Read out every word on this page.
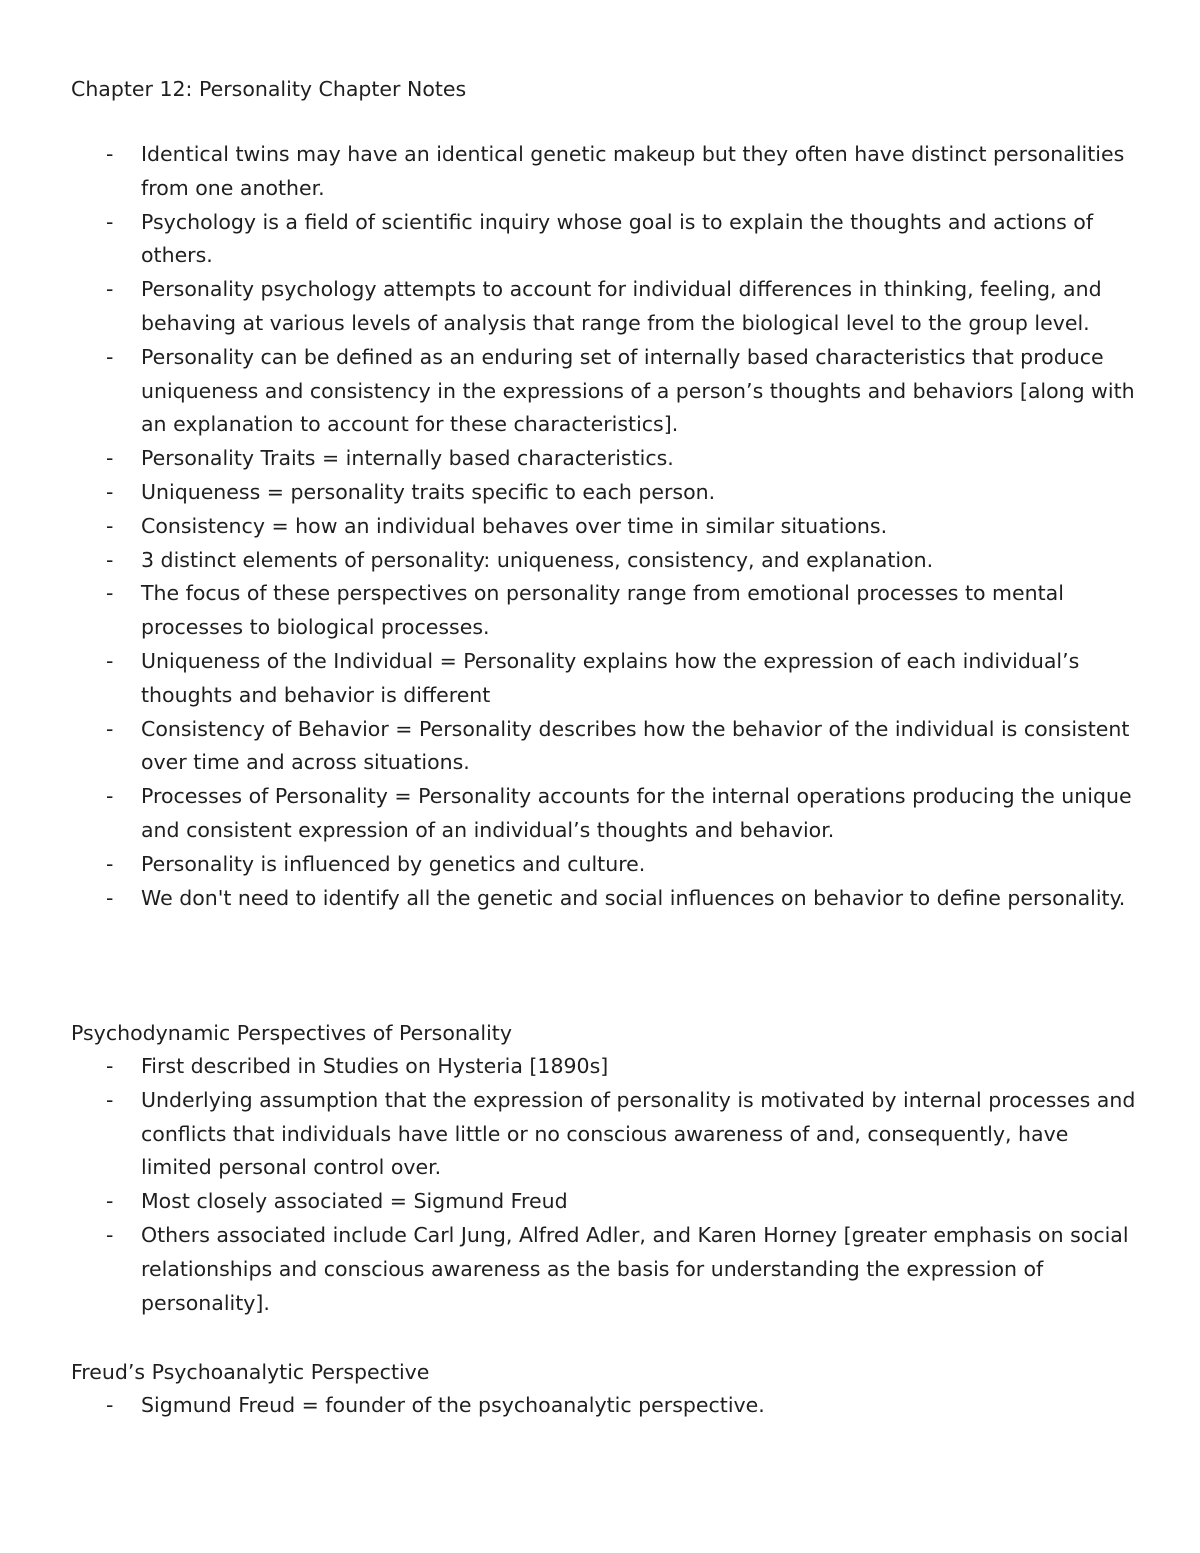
Chapter 12: Personality Chapter Notes
-	Identical twins may have an identical genetic makeup but they often have distinct personalities from one another.
-	Psychology is a field of scientific inquiry whose goal is to explain the thoughts and actions of others.
-	Personality psychology attempts to account for individual differences in thinking, feeling, and behaving at various levels of analysis that range from the biological level to the group level.
-	Personality can be defined as an enduring set of internally based characteristics that produce uniqueness and consistency in the expressions of a person’s thoughts and behaviors [along with an explanation to account for these characteristics].
-	Personality Traits = internally based characteristics.
-	Uniqueness = personality traits specific to each person.
-	Consistency = how an individual behaves over time in similar situations.
-	3 distinct elements of personality: uniqueness, consistency, and explanation.
-	The focus of these perspectives on personality range from emotional processes to mental processes to biological processes.
-	Uniqueness of the Individual = Personality explains how the expression of each individual’s thoughts and behavior is different
-	Consistency of Behavior = Personality describes how the behavior of the individual is consistent over time and across situations.
-	Processes of Personality = Personality accounts for the internal operations producing the unique and consistent expression of an individual’s thoughts and behavior.
-	Personality is influenced by genetics and culture.
-	We don't need to identify all the genetic and social influences on behavior to define personality.
Psychodynamic Perspectives of Personality
-	First described in Studies on Hysteria [1890s]
-	Underlying assumption that the expression of personality is motivated by internal processes and conflicts that individuals have little or no conscious awareness of and, consequently, have limited personal control over.
-	Most closely associated = Sigmund Freud
-	Others associated include Carl Jung, Alfred Adler, and Karen Horney [greater emphasis on social relationships and conscious awareness as the basis for understanding the expression of personality].
Freud’s Psychoanalytic Perspective
-	Sigmund Freud = founder of the psychoanalytic perspective.
